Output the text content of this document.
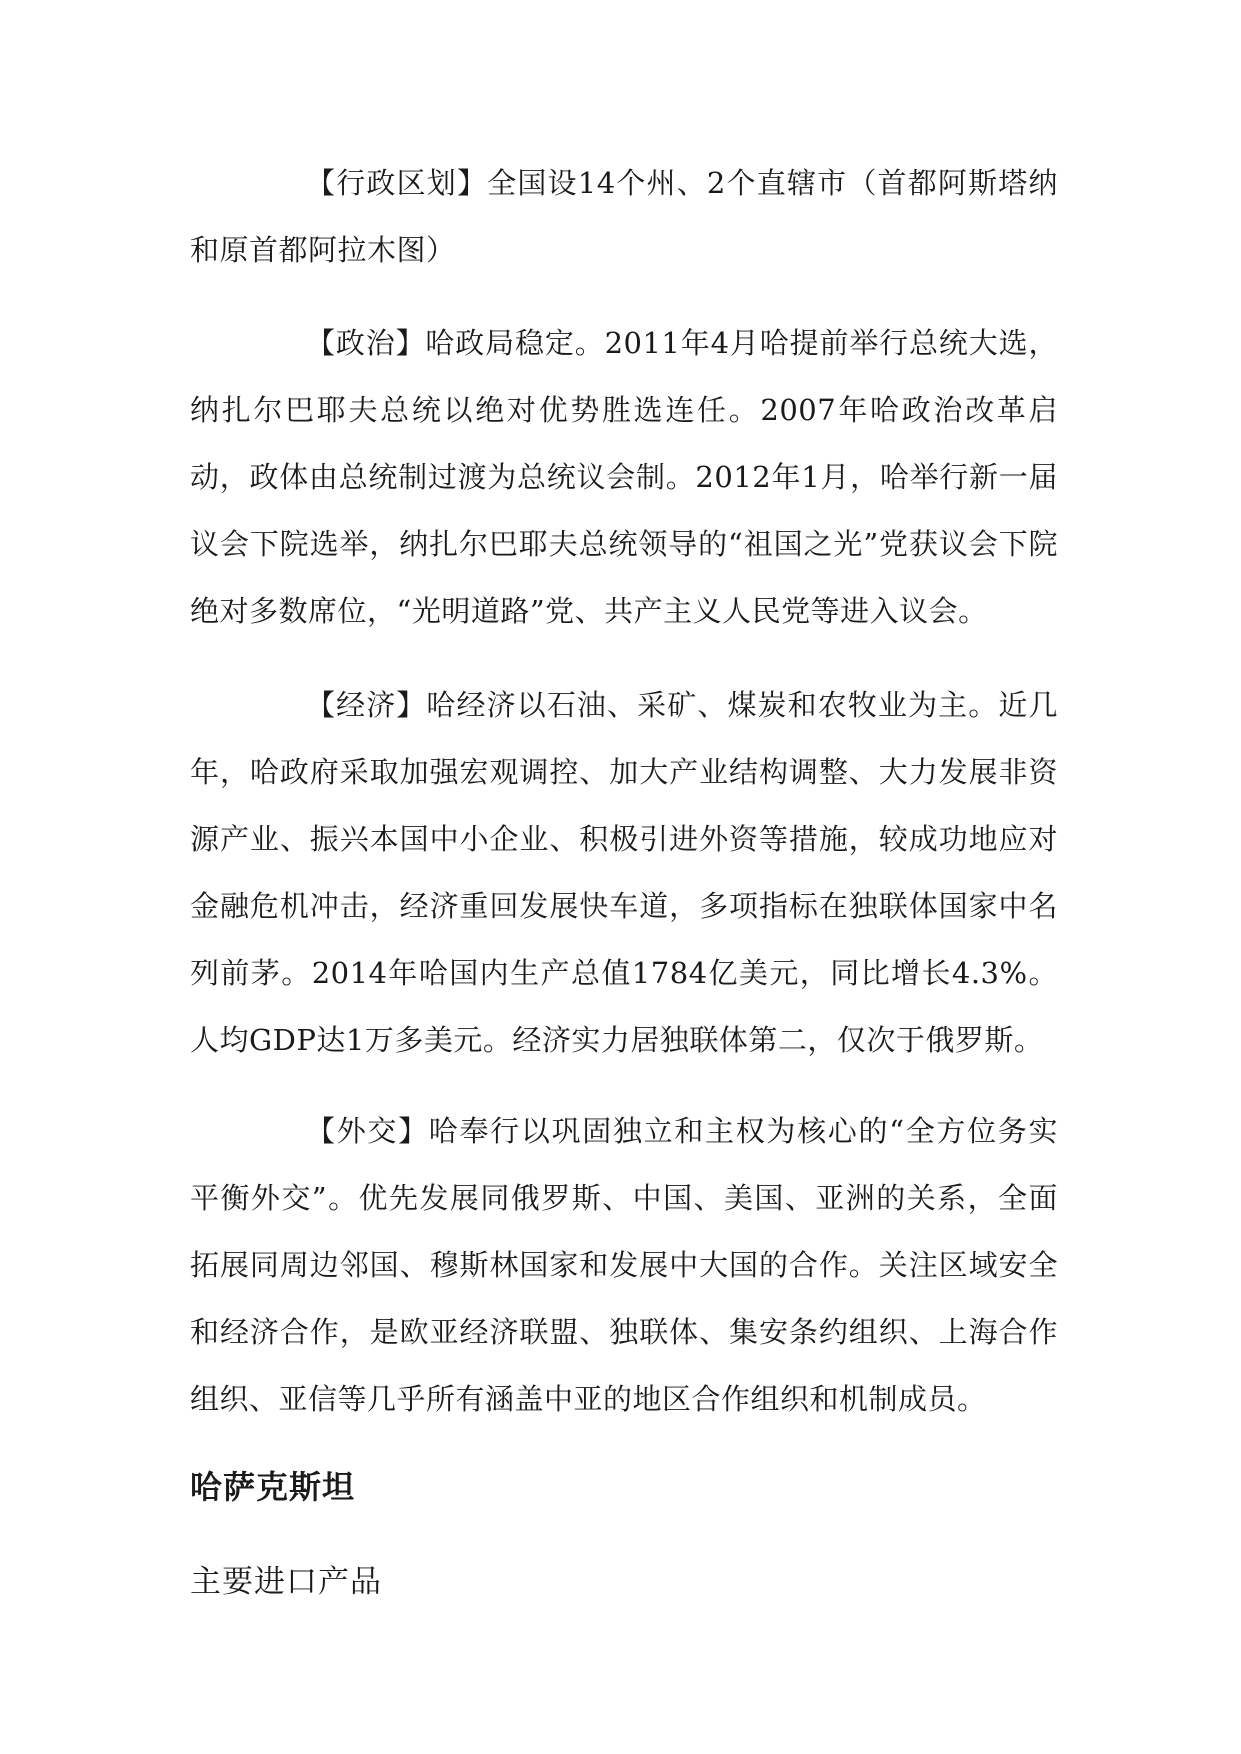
【行政区划】全国设14个州、2个直辖市（首都阿斯塔纳和原首都阿拉木图）

【政治】哈政局稳定。2011年4月哈提前举行总统大选，纳扎尔巴耶夫总统以绝对优势胜选连任。2007年哈政治改革启动，政体由总统制过渡为总统议会制。2012年1月，哈举行新一届议会下院选举，纳扎尔巴耶夫总统领导的“祖国之光”党获议会下院绝对多数席位，“光明道路”党、共产主义人民党等进入议会。

【经济】哈经济以石油、采矿、煤炭和农牧业为主。近几年，哈政府采取加强宏观调控、加大产业结构调整、大力发展非资源产业、振兴本国中小企业、积极引进外资等措施，较成功地应对金融危机冲击，经济重回发展快车道，多项指标在独联体国家中名列前茅。2014年哈国内生产总值1784亿美元，同比增长4.3%。人均GDP达1万多美元。经济实力居独联体第二，仅次于俄罗斯。

【外交】哈奉行以巩固独立和主权为核心的“全方位务实平衡外交”。优先发展同俄罗斯、中国、美国、亚洲的关系，全面拓展同周边邻国、穆斯林国家和发展中大国的合作。关注区域安全和经济合作，是欧亚经济联盟、独联体、集安条约组织、上海合作组织、亚信等几乎所有涵盖中亚的地区合作组织和机制成员。

哈萨克斯坦

主要进口产品
